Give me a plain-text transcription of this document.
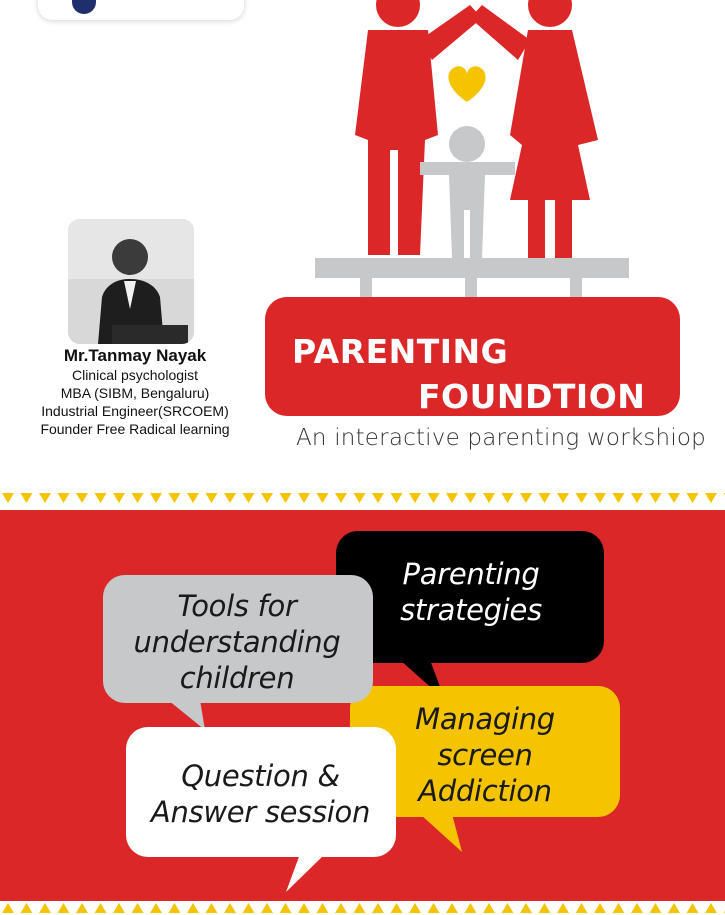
Mr.Tanmay Nayak
Clinical psychologist
MBA (SIBM, Bengaluru)
Industrial Engineer(SRCOEM)
Founder Free Radical learning
PARENTING
FOUNDTION
An interactive parenting workshiop
Parenting
strategies
Tools for
understanding
children
Managing
screen
Addiction
Question &
Answer session
